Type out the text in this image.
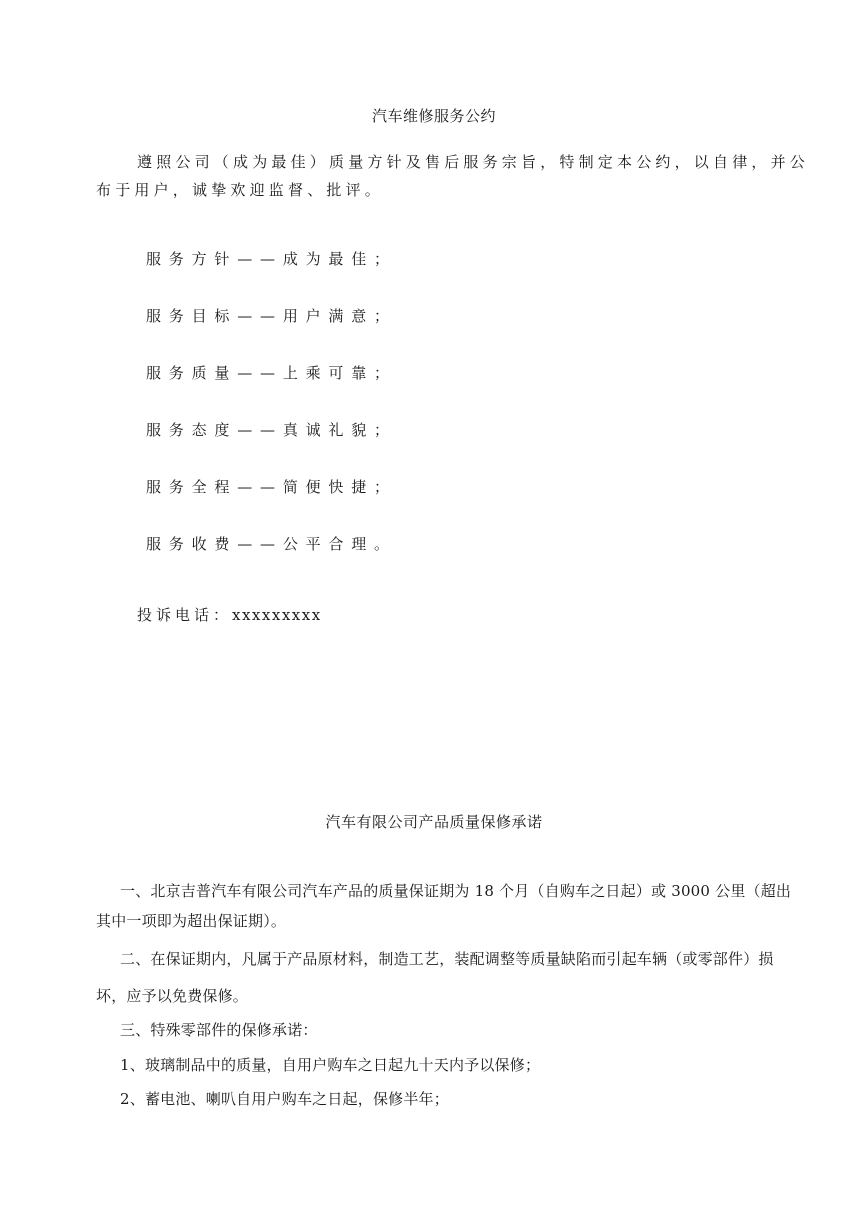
汽车维修服务公约
遵照公司（成为最佳）质量方针及售后服务宗旨，特制定本公约，以自律，并公
布于用户，诚挚欢迎监督、批评。
服务方针——成为最佳；
服务目标——用户满意；
服务质量——上乘可靠；
服务态度——真诚礼貌；
服务全程——简便快捷；
服务收费——公平合理。
投诉电话：xxxxxxxxx
汽车有限公司产品质量保修承诺
一、北京吉普汽车有限公司汽车产品的质量保证期为 18 个月（自购车之日起）或 3000 公里（超出
其中一项即为超出保证期）。
二、在保证期内，凡属于产品原材料，制造工艺，装配调整等质量缺陷而引起车辆（或零部件）损
坏，应予以免费保修。
三、特殊零部件的保修承诺：
1、玻璃制品中的质量，自用户购车之日起九十天内予以保修；
2、蓄电池、喇叭自用户购车之日起，保修半年；
